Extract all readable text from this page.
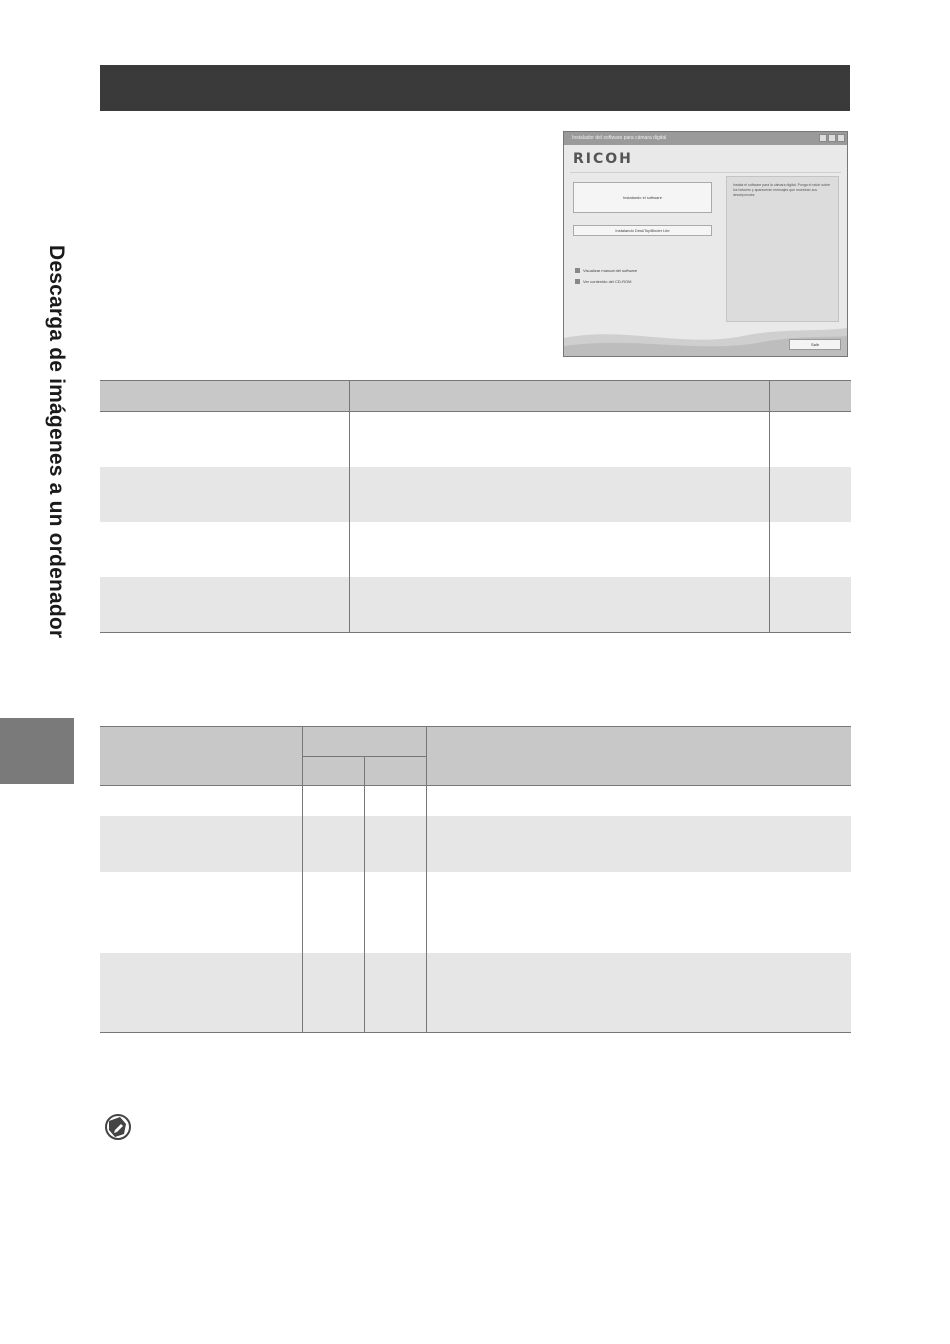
Descarga de imágenes a un ordenador
Instalador del software para cámara digital
RICOH
Instalando el software
Instalando DeskTopBinder Lite
Visualizar manual del software
Ver contenido del CD-ROM
Instala el software para la cámara digital. Ponga el ratón sobre los botones y aparecerán mensajes que muestran sus descripciones.
Salir
